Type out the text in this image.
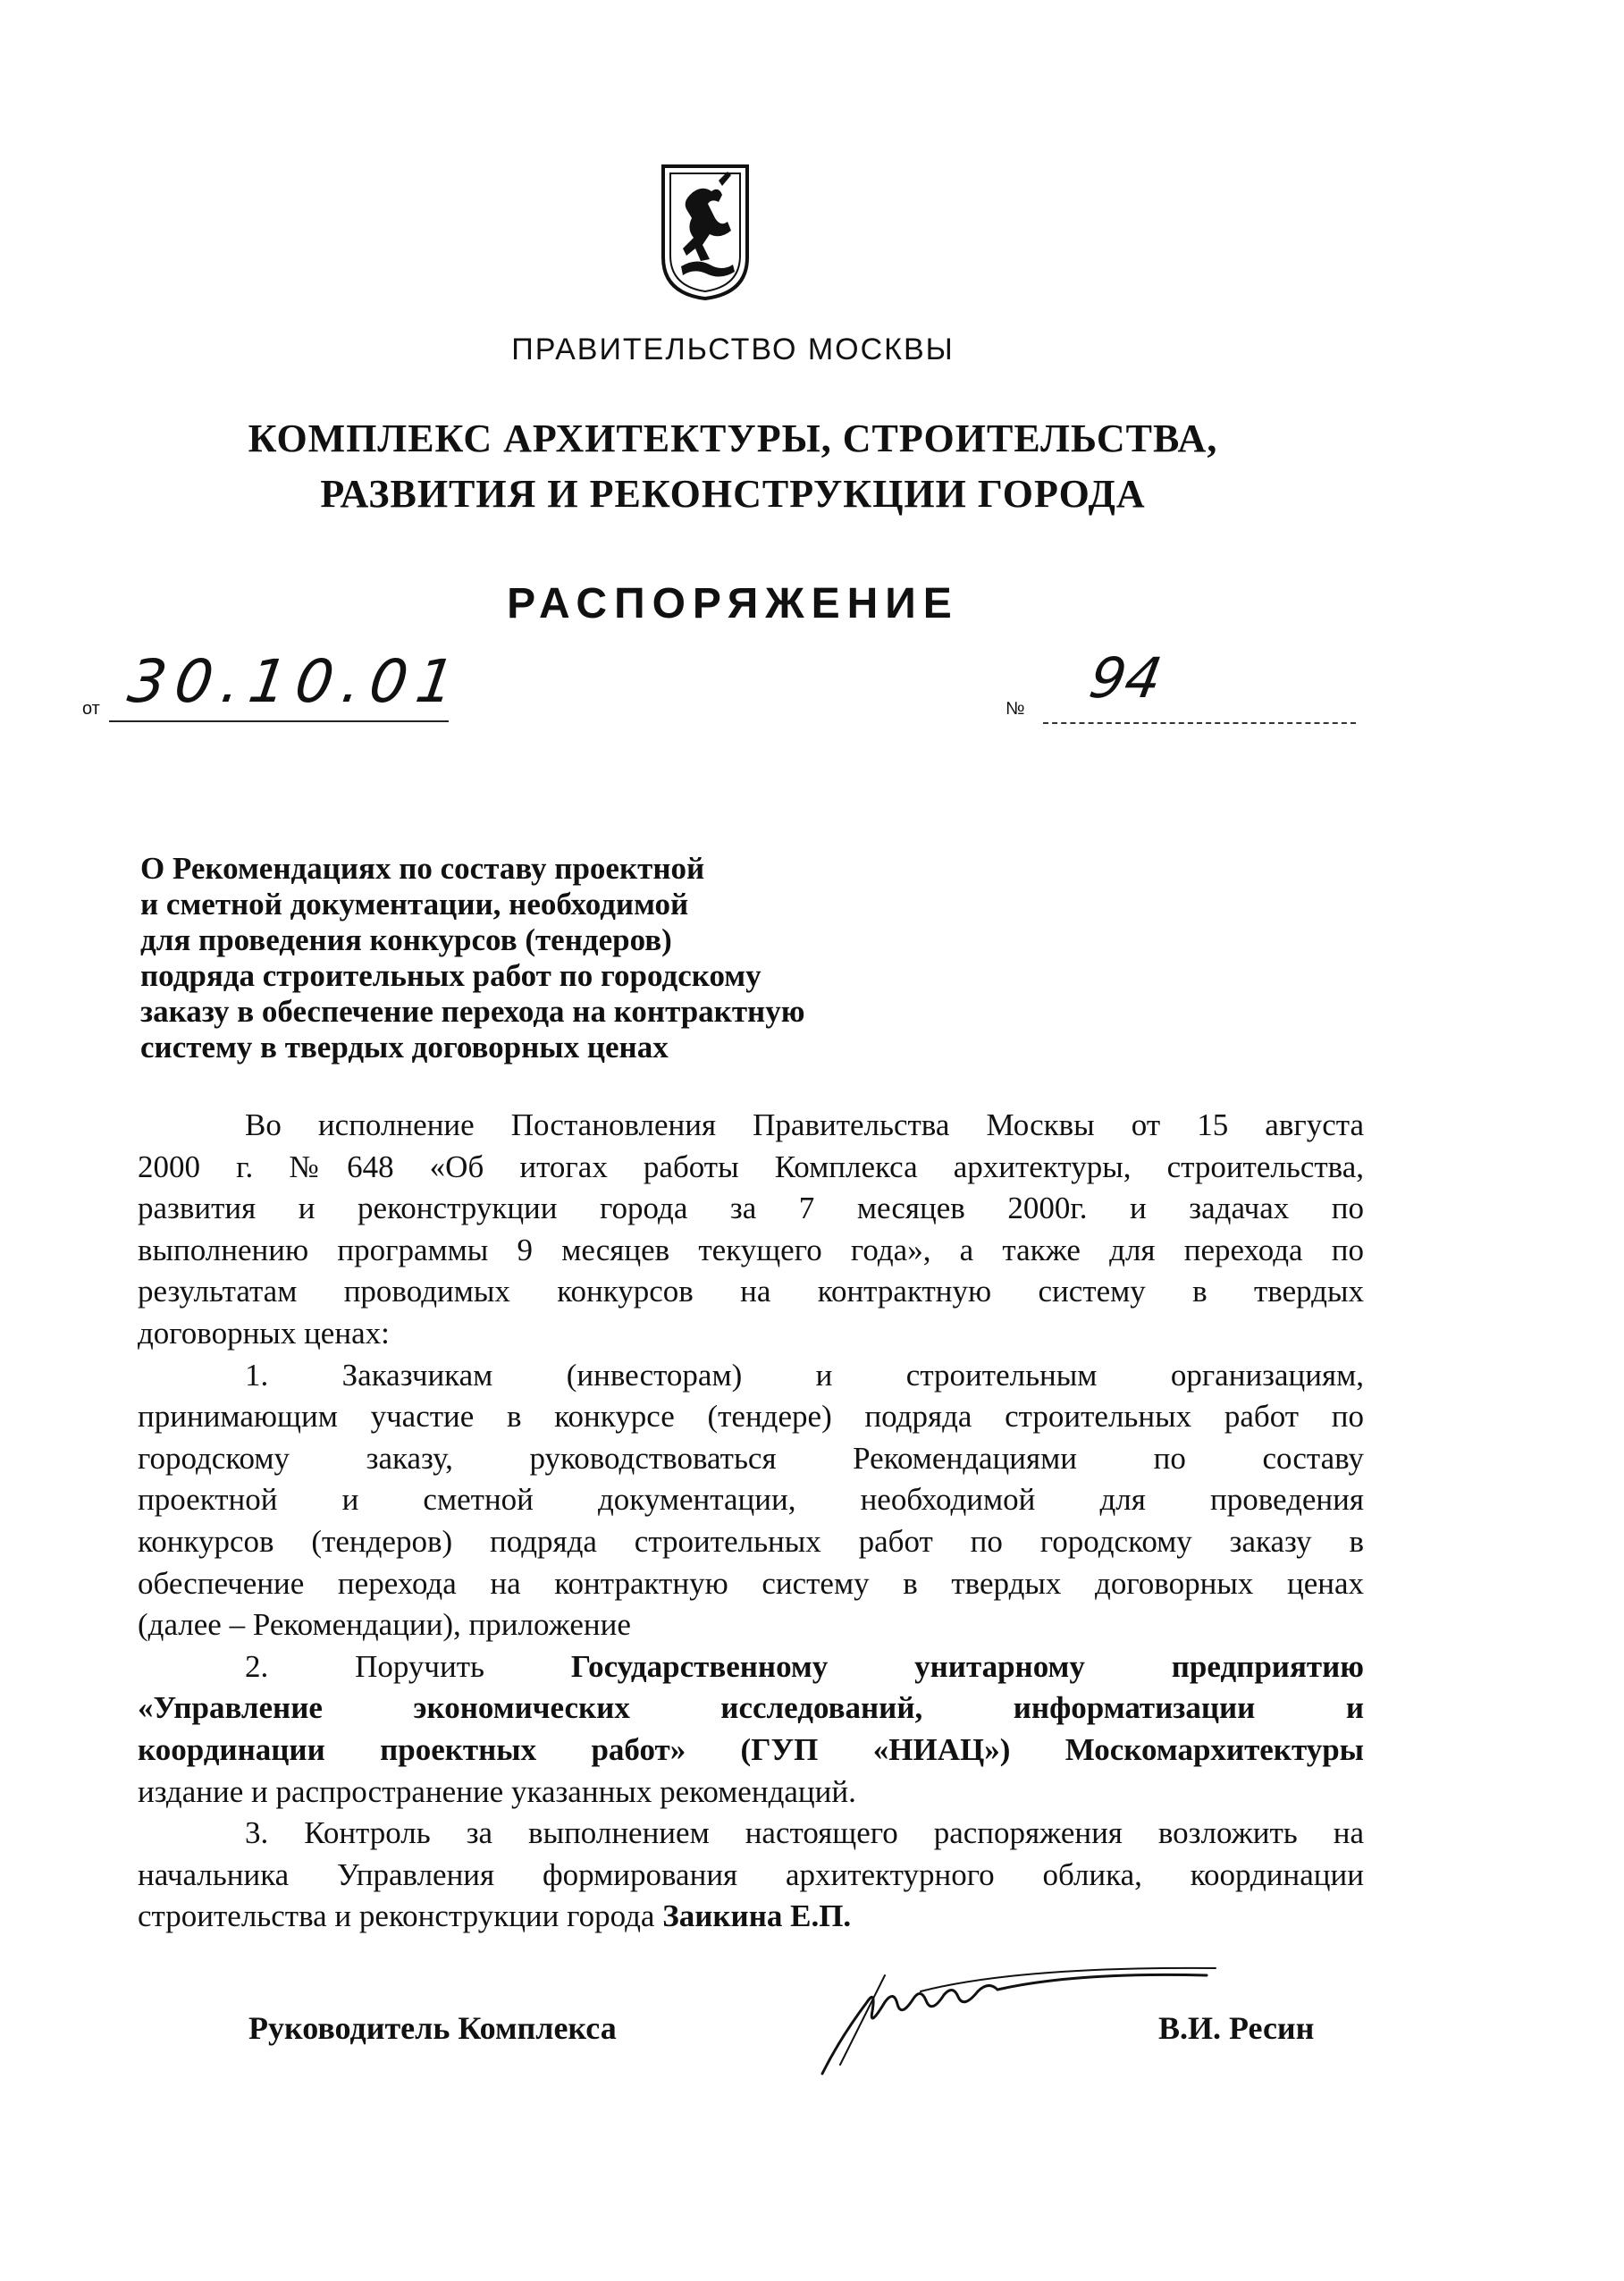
ПРАВИТЕЛЬСТВО МОСКВЫ
КОМПЛЕКС АРХИТЕКТУРЫ, СТРОИТЕЛЬСТВА,
РАЗВИТИЯ И РЕКОНСТРУКЦИИ ГОРОДА
РАСПОРЯЖЕНИЕ
от 30.10.01	№ 94
О Рекомендациях по составу проектной
и сметной документации, необходимой
для проведения конкурсов (тендеров)
подряда строительных работ по городскому
заказу в обеспечение перехода на контрактную
систему в твердых договорных ценах
Во исполнение Постановления Правительства Москвы от 15 августа
2000 г. №648 «Об итогах работы Комплекса архитектуры, строительства,
развития и реконструкции города за 7 месяцев 2000г. и задачах по
выполнению программы 9 месяцев текущего года», а также для перехода по
результатам проводимых конкурсов на контрактную систему в твердых
договорных ценах:
1. Заказчикам (инвесторам) и строительным организациям,
принимающим участие в конкурсе (тендере) подряда строительных работ по
городскому заказу, руководствоваться Рекомендациями по составу
проектной и сметной документации, необходимой для проведения
конкурсов (тендеров) подряда строительных работ по городскому заказу в
обеспечение перехода на контрактную систему в твердых договорных ценах
(далее – Рекомендации), приложение
2. Поручить Государственному унитарному предприятию
«Управление экономических исследований, информатизации и
координации проектных работ» (ГУП «НИАЦ») Москомархитектуры
издание и распространение указанных рекомендаций.
3. Контроль за выполнением настоящего распоряжения возложить на
начальника Управления формирования архитектурного облика, координации
строительства и реконструкции города Заикина Е.П.
Руководитель Комплекса	В.И. Ресин
